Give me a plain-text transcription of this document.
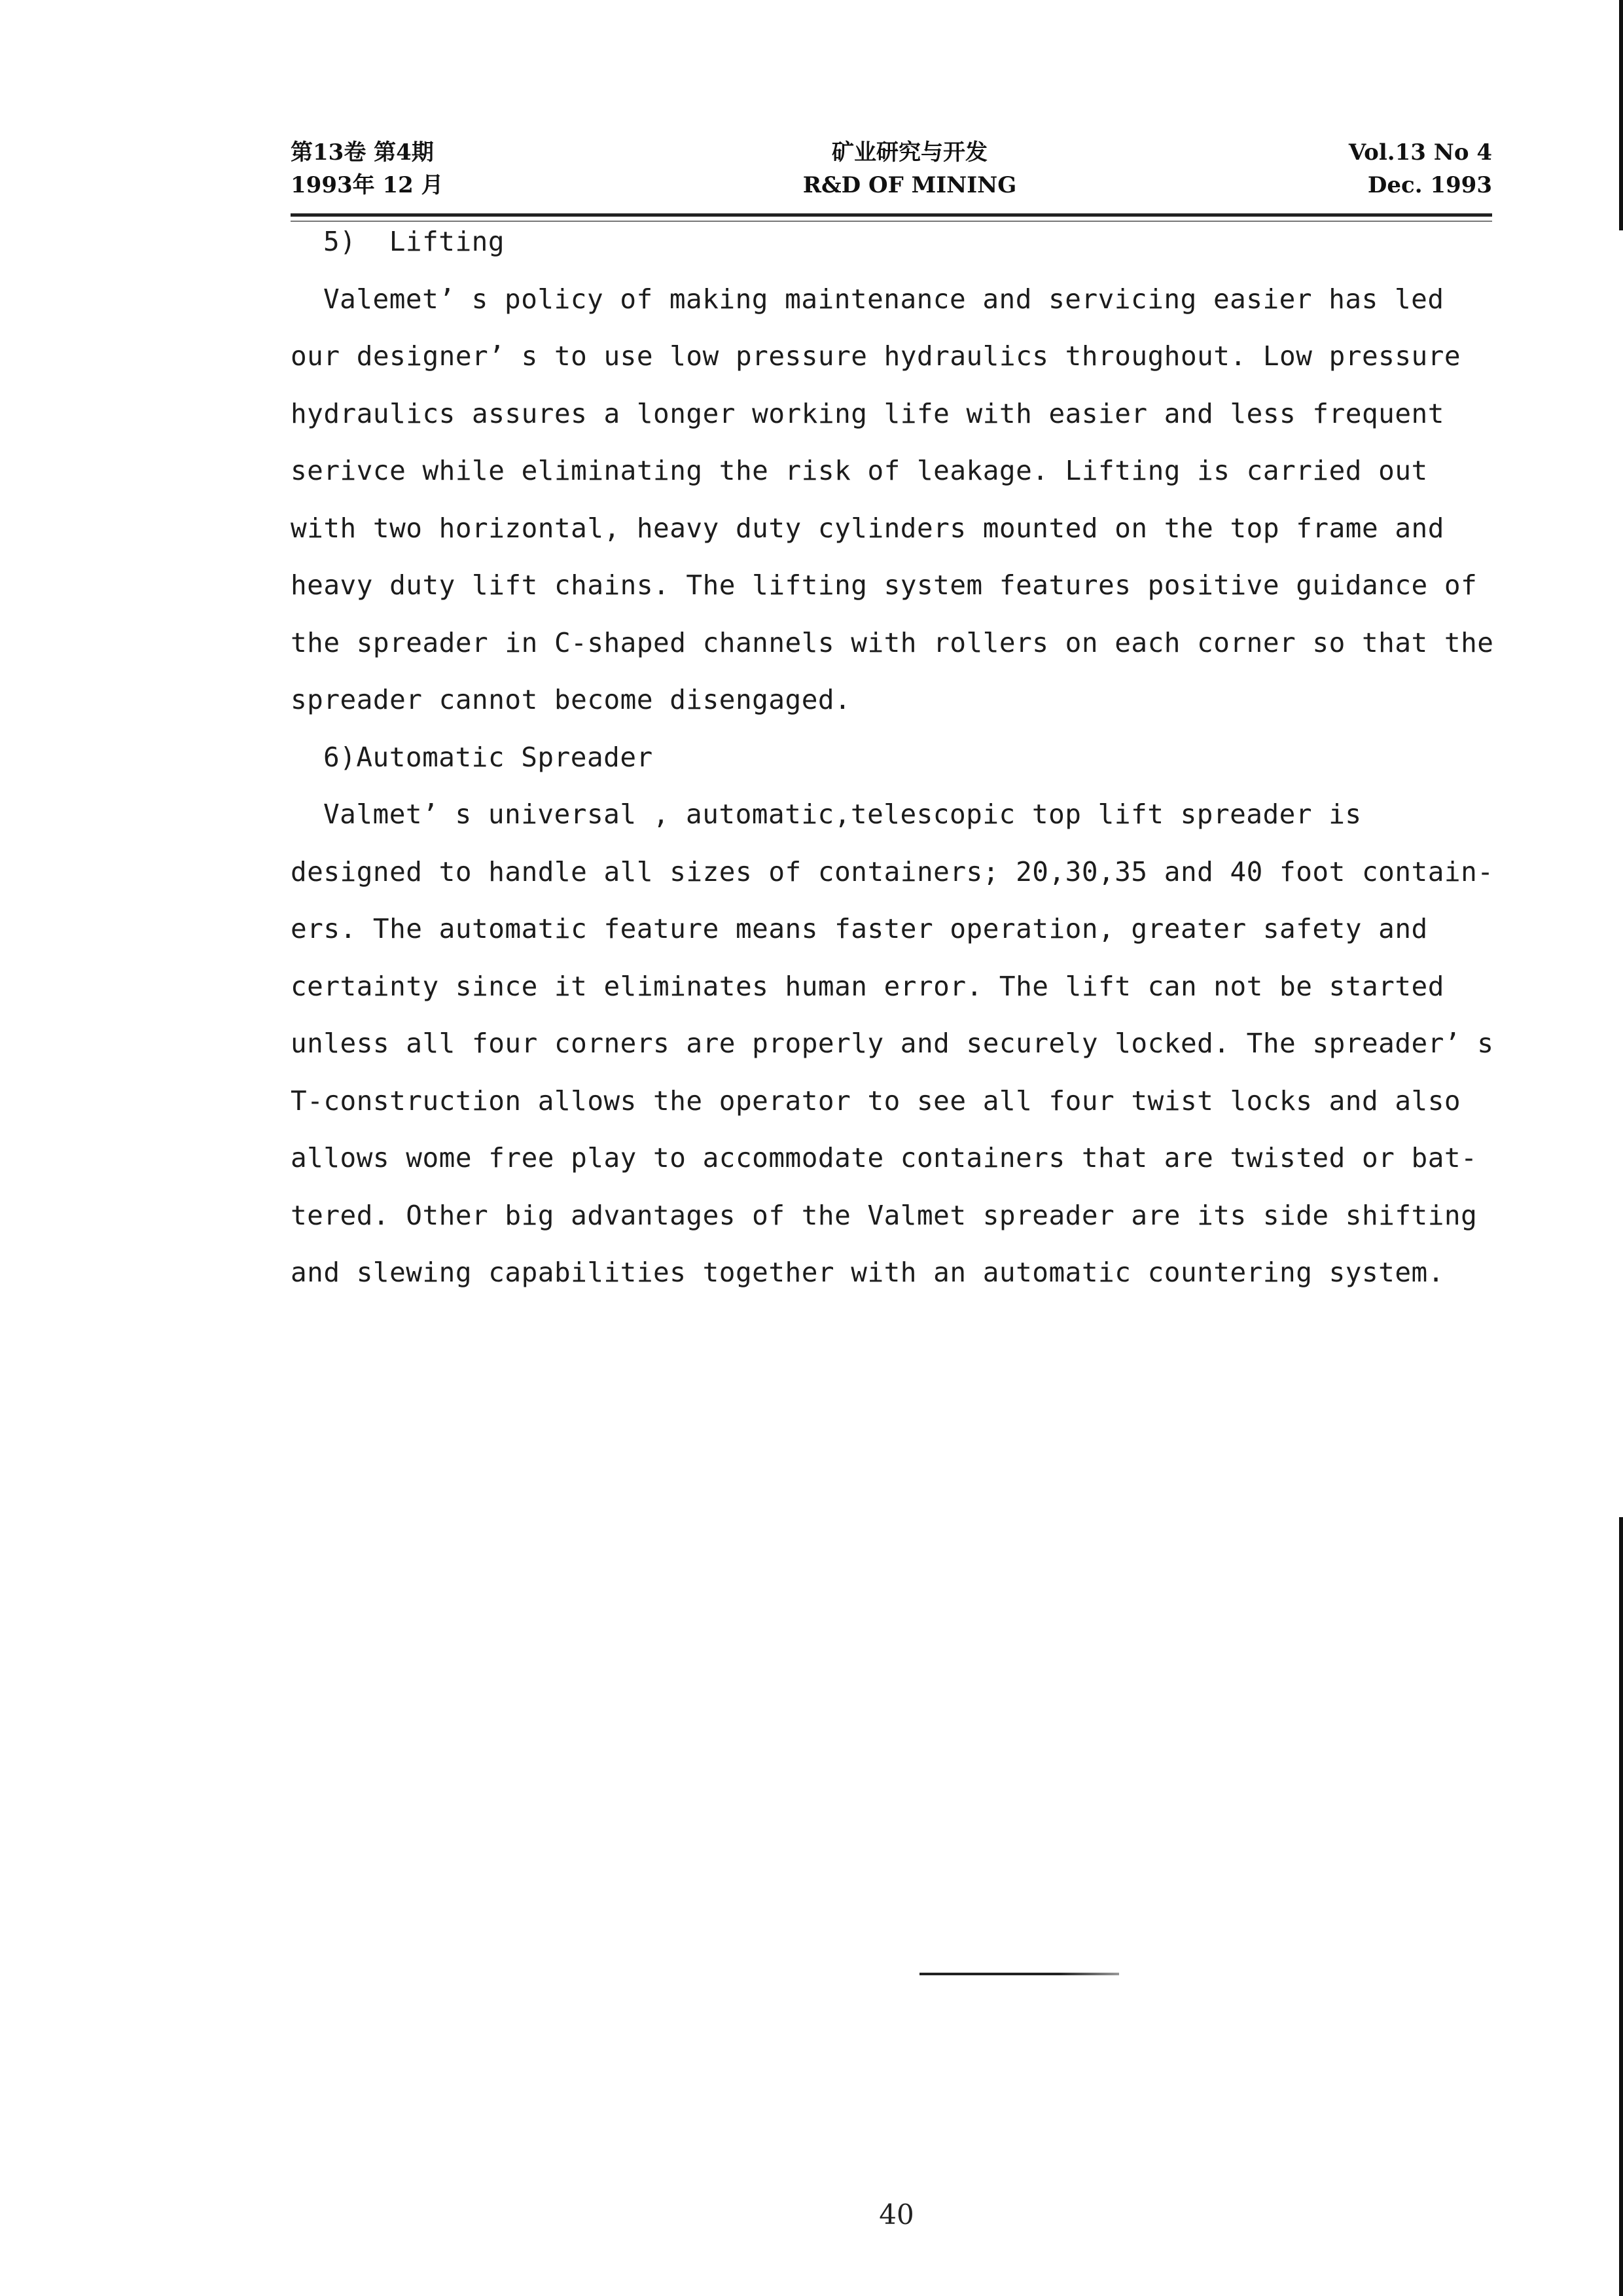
第13卷 第4期
1993年 12 月
矿业研究与开发
R&D OF MINING
Vol.13 No 4
Dec. 1993
5)  Lifting
Valemet’ s policy of making maintenance and servicing easier has led
our designer’ s to use low pressure hydraulics throughout. Low pressure
hydraulics assures a longer working life with easier and less frequent
serivce while eliminating the risk of leakage. Lifting is carried out
with two horizontal, heavy duty cylinders mounted on the top frame and
heavy duty lift chains. The lifting system features positive guidance of
the spreader in C-shaped channels with rollers on each corner so that the
spreader cannot become disengaged.
6)Automatic Spreader
Valmet’ s universal , automatic,telescopic top lift spreader is
designed to handle all sizes of containers; 20,30,35 and 40 foot contain-
ers. The automatic feature means faster operation, greater safety and
certainty since it eliminates human error. The lift can not be started
unless all four corners are properly and securely locked. The spreader’ s
T-construction allows the operator to see all four twist locks and also
allows wome free play to accommodate containers that are twisted or bat-
tered. Other big advantages of the Valmet spreader are its side shifting
and slewing capabilities together with an automatic countering system.
40
